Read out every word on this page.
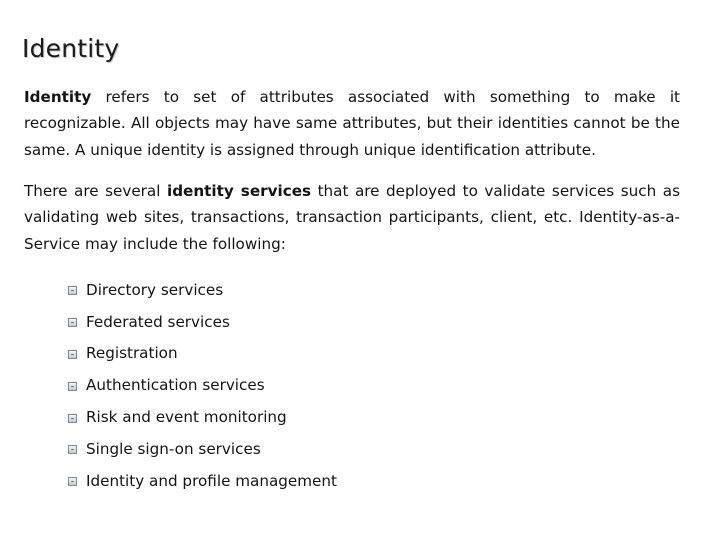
Identity

Identity refers to set of attributes associated with something to make it recognizable. All objects may have same attributes, but their identities cannot be the same. A unique identity is assigned through unique identification attribute.

There are several identity services that are deployed to validate services such as validating web sites, transactions, transaction participants, client, etc. Identity-as-a-Service may include the following:

Directory services
Federated services
Registration
Authentication services
Risk and event monitoring
Single sign-on services
Identity and profile management
